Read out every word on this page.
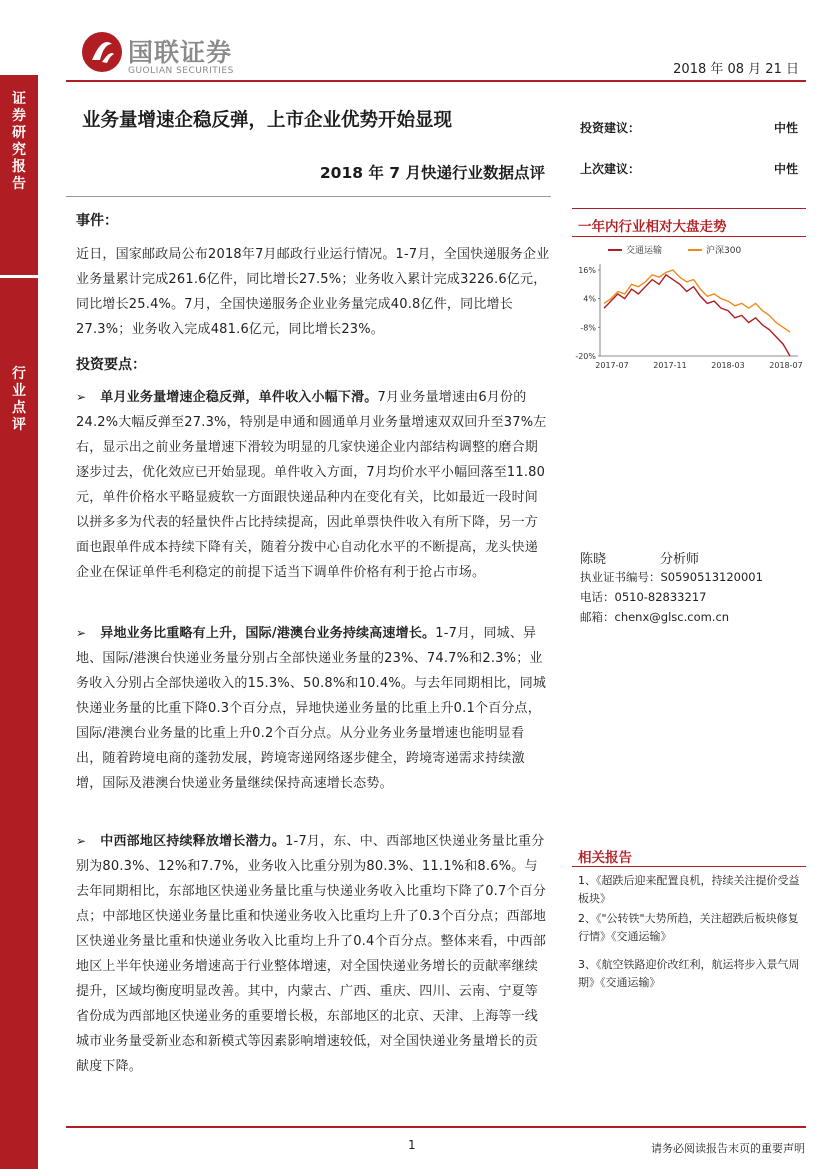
证券研究报告
行业点评
国联证券
GUOLIAN SECURITIES	2018 年 08 月 21 日
业务量增速企稳反弹，上市企业优势开始显现
2018 年 7 月快递行业数据点评
投资建议：	中性
上次建议：	中性
事件：
近日，国家邮政局公布2018年7月邮政行业运行情况。1-7月，全国快递服务企业业务量累计完成261.6亿件，同比增长27.5%；业务收入累计完成3226.6亿元，同比增长25.4%。7月，全国快递服务企业业务量完成40.8亿件，同比增长27.3%；业务收入完成481.6亿元，同比增长23%。
投资要点：
➢ 单月业务量增速企稳反弹，单件收入小幅下滑。7月业务量增速由6月份的24.2%大幅反弹至27.3%，特别是申通和圆通单月业务量增速双双回升至37%左右，显示出之前业务量增速下滑较为明显的几家快递企业内部结构调整的磨合期逐步过去，优化效应已开始显现。单件收入方面，7月均价水平小幅回落至11.80元，单件价格水平略显疲软一方面跟快递品种内在变化有关，比如最近一段时间以拼多多为代表的轻量快件占比持续提高，因此单票快件收入有所下降，另一方面也跟单件成本持续下降有关，随着分拨中心自动化水平的不断提高，龙头快递企业在保证单件毛利稳定的前提下适当下调单件价格有利于抢占市场。
➢ 异地业务比重略有上升，国际/港澳台业务持续高速增长。1-7月，同城、异地、国际/港澳台快递业务量分别占全部快递业务量的23%、74.7%和2.3%；业务收入分别占全部快递收入的15.3%、50.8%和10.4%。与去年同期相比，同城快递业务量的比重下降0.3个百分点，异地快递业务量的比重上升0.1个百分点，国际/港澳台业务量的比重上升0.2个百分点。从分业务业务量增速也能明显看出，随着跨境电商的蓬勃发展，跨境寄递网络逐步健全，跨境寄递需求持续激增，国际及港澳台快递业务量继续保持高速增长态势。
➢ 中西部地区持续释放增长潜力。1-7月，东、中、西部地区快递业务量比重分别为80.3%、12%和7.7%，业务收入比重分别为80.3%、11.1%和8.6%。与去年同期相比，东部地区快递业务量比重与快递业务收入比重均下降了0.7个百分点；中部地区快递业务量比重和快递业务收入比重均上升了0.3个百分点；西部地区快递业务量比重和快递业务收入比重均上升了0.4个百分点。整体来看，中西部地区上半年快递业务增速高于行业整体增速，对全国快递业务增长的贡献率继续提升，区域均衡度明显改善。其中，内蒙古、广西、重庆、四川、云南、宁夏等省份成为西部地区快递业务的重要增长极，东部地区的北京、天津、上海等一线城市业务量受新业态和新模式等因素影响增速较低，对全国快递业务量增长的贡献度下降。
一年内行业相对大盘走势
交通运输	沪深300
16%
4%
-8%
-20%
2017-07	2017-11	2018-03	2018-07
陈晓	分析师
执业证书编号：S0590513120001
电话：0510-82833217
邮箱：chenx@glsc.com.cn
相关报告
1、《超跌后迎来配置良机，持续关注提价受益板块》
2、《"公转铁"大势所趋，关注超跌后板块修复行情》《交通运输》
3、《航空铁路迎价改红利，航运将步入景气周期》《交通运输》
1	请务必阅读报告末页的重要声明
